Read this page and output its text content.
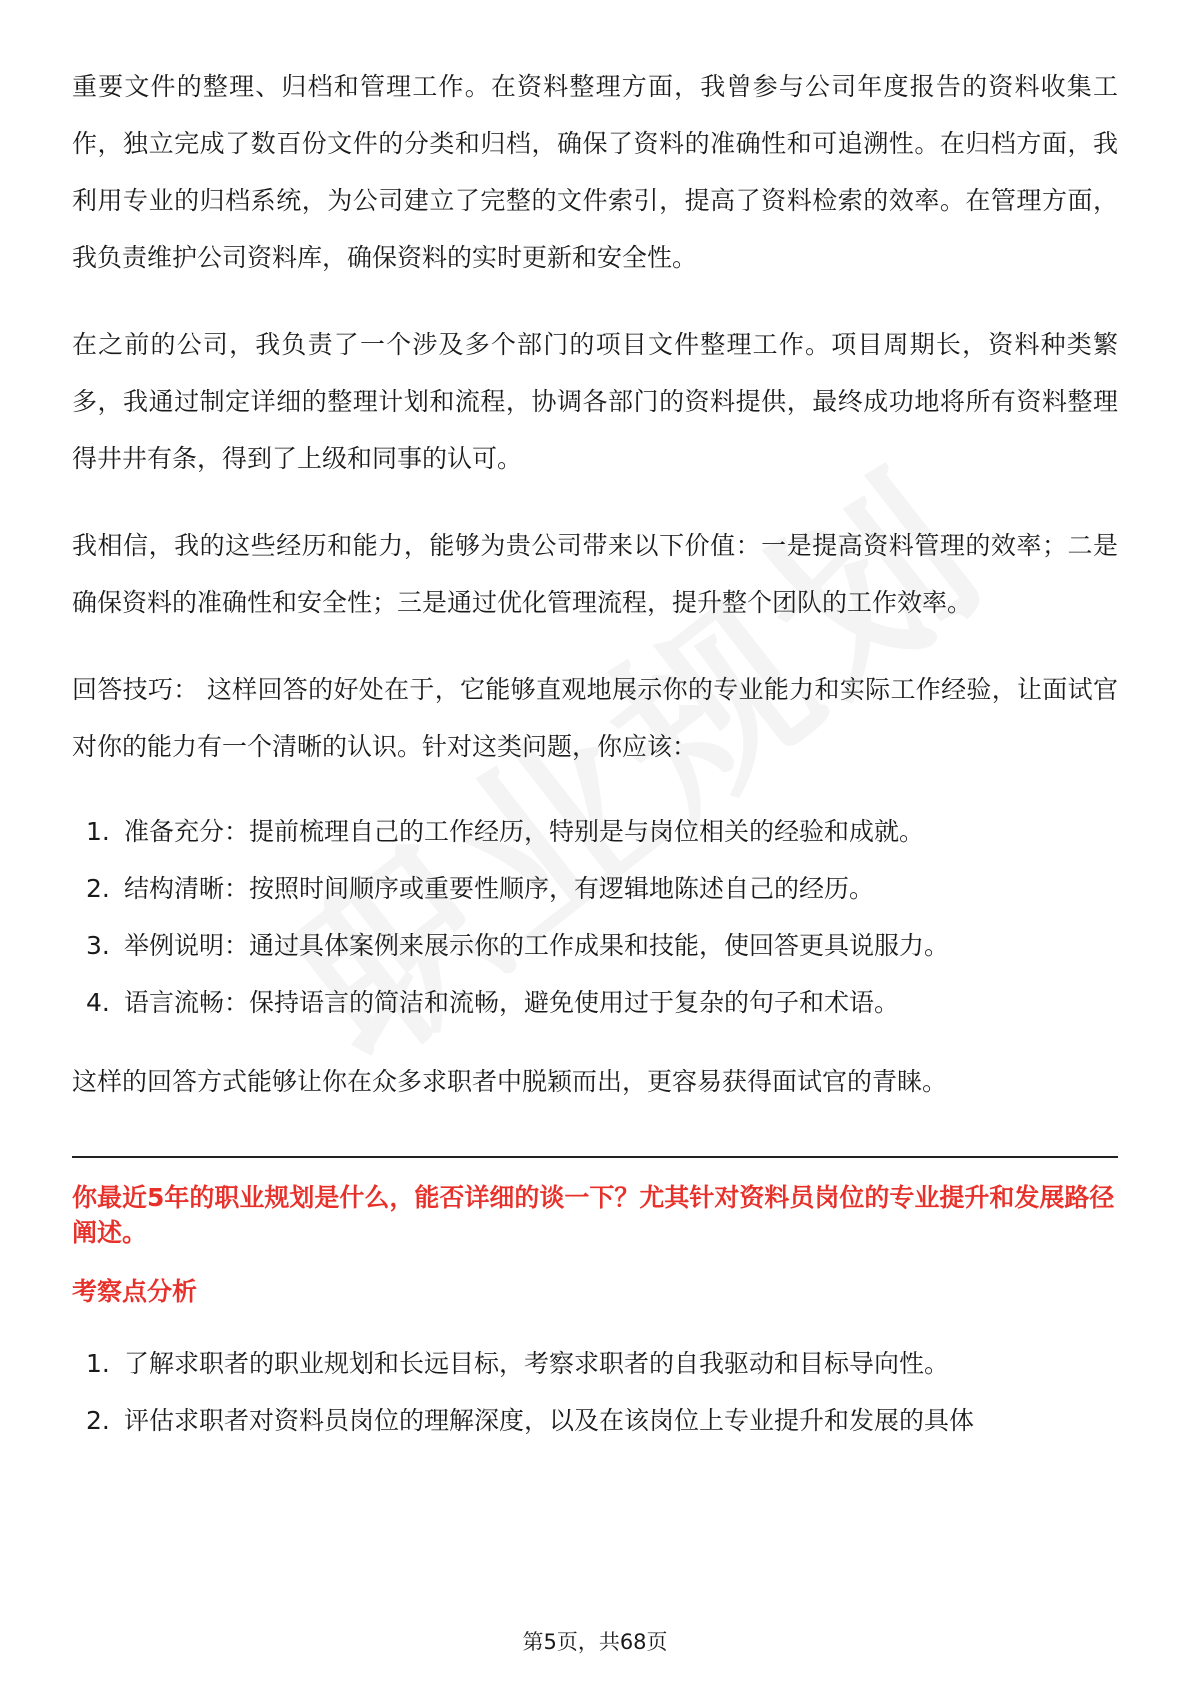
重要文件的整理、归档和管理工作。在资料整理方面，我曾参与公司年度报告的资料收集工作，独立完成了数百份文件的分类和归档，确保了资料的准确性和可追溯性。在归档方面，我利用专业的归档系统，为公司建立了完整的文件索引，提高了资料检索的效率。在管理方面，我负责维护公司资料库，确保资料的实时更新和安全性。

在之前的公司，我负责了一个涉及多个部门的项目文件整理工作。项目周期长，资料种类繁多，我通过制定详细的整理计划和流程，协调各部门的资料提供，最终成功地将所有资料整理得井井有条，得到了上级和同事的认可。

我相信，我的这些经历和能力，能够为贵公司带来以下价值：一是提高资料管理的效率；二是确保资料的准确性和安全性；三是通过优化管理流程，提升整个团队的工作效率。

回答技巧： 这样回答的好处在于，它能够直观地展示你的专业能力和实际工作经验，让面试官对你的能力有一个清晰的认识。针对这类问题，你应该：

1. 准备充分：提前梳理自己的工作经历，特别是与岗位相关的经验和成就。
2. 结构清晰：按照时间顺序或重要性顺序，有逻辑地陈述自己的经历。
3. 举例说明：通过具体案例来展示你的工作成果和技能，使回答更具说服力。
4. 语言流畅：保持语言的简洁和流畅，避免使用过于复杂的句子和术语。

这样的回答方式能够让你在众多求职者中脱颖而出，更容易获得面试官的青睐。

你最近5年的职业规划是什么，能否详细的谈一下？尤其针对资料员岗位的专业提升和发展路径阐述。

考察点分析

1. 了解求职者的职业规划和长远目标，考察求职者的自我驱动和目标导向性。
2. 评估求职者对资料员岗位的理解深度，以及在该岗位上专业提升和发展的具体
第5页，共68页
